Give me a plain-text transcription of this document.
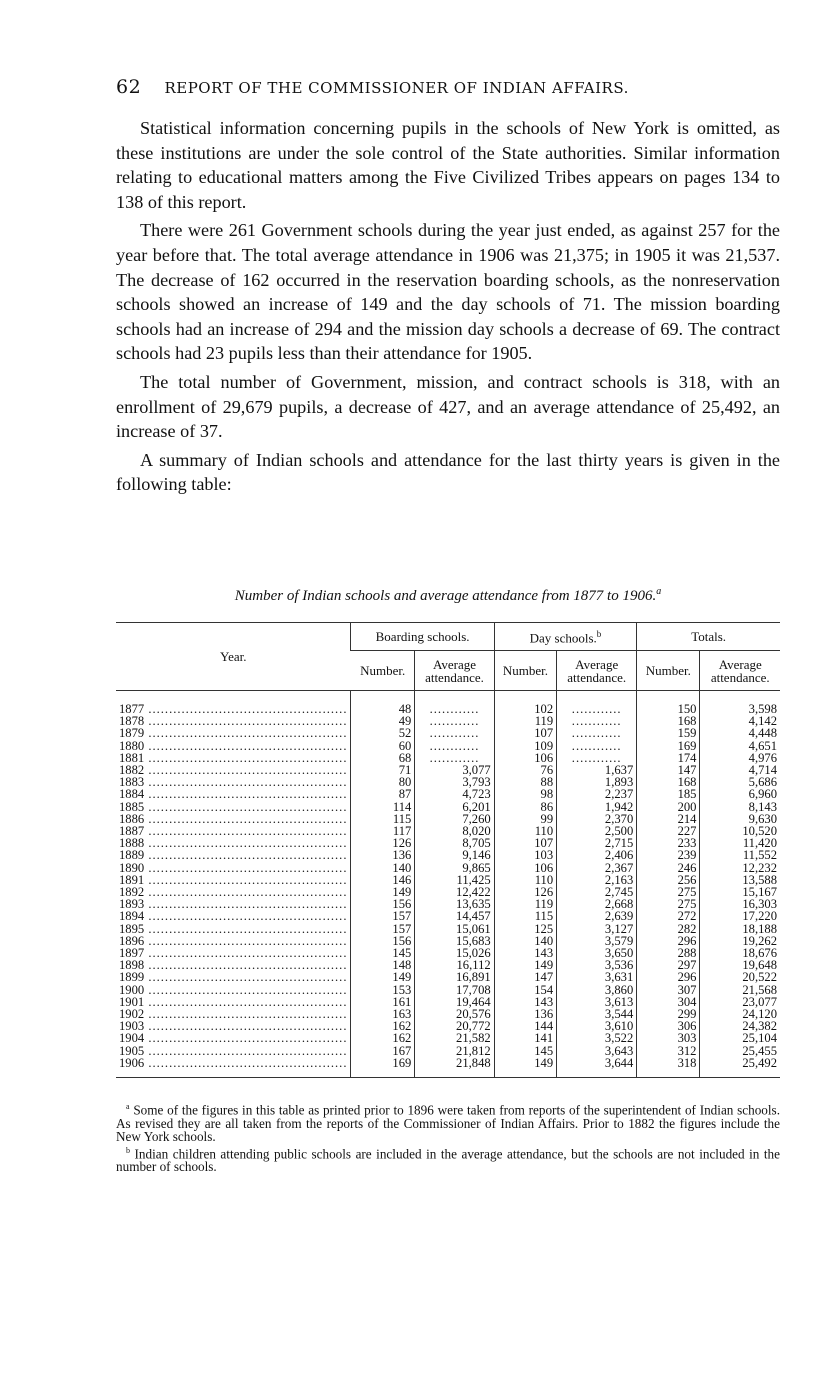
62 REPORT OF THE COMMISSIONER OF INDIAN AFFAIRS.

Statistical information concerning pupils in the schools of New York is omitted, as these institutions are under the sole control of the State authorities. Similar information relating to educational matters among the Five Civilized Tribes appears on pages 134 to 138 of this report.

There were 261 Government schools during the year just ended, as against 257 for the year before that. The total average attendance in 1906 was 21,375; in 1905 it was 21,537. The decrease of 162 occurred in the reservation boarding schools, as the nonreservation schools showed an increase of 149 and the day schools of 71. The mission boarding schools had an increase of 294 and the mission day schools a decrease of 69. The contract schools had 23 pupils less than their attendance for 1905.

The total number of Government, mission, and contract schools is 318, with an enrollment of 29,679 pupils, a decrease of 427, and an average attendance of 25,492, an increase of 37.

A summary of Indian schools and attendance for the last thirty years is given in the following table:

Number of Indian schools and average attendance from 1877 to 1906.$^a$
Year.	Boarding schools.		Day schools.$^b$		Totals.	
	Number.	Average attendance.	Number.	Average attendance.	Number.	Average attendance.
1877 .....	48	............	102	............	150	3,598
1878 .....	49	............	119	............	168	4,142
1879 .....	52	............	107	............	159	4,448
1880 .....	60	............	109	............	169	4,651
1881 .....	68	............	106	............	174	4,976
1882 .....	71	3,077	76	1,637	147	4,714
1883 .....	80	3,793	88	1,893	168	5,686
1884 .....	87	4,723	98	2,237	185	6,960
1885 .....	114	6,201	86	1,942	200	8,143
1886 .....	115	7,260	99	2,370	214	9,630
1887 .....	117	8,020	110	2,500	227	10,520
1888 .....	126	8,705	107	2,715	233	11,420
1889 .....	136	9,146	103	2,406	239	11,552
1890 .....	140	9,865	106	2,367	246	12,232
1891 .....	146	11,425	110	2,163	256	13,588
1892 .....	149	12,422	126	2,745	275	15,167
1893 .....	156	13,635	119	2,668	275	16,303
1894 .....	157	14,457	115	2,639	272	17,220
1895 .....	157	15,061	125	3,127	282	18,188
1896 .....	156	15,683	140	3,579	296	19,262
1897 .....	145	15,026	143	3,650	288	18,676
1898 .....	148	16,112	149	3,536	297	19,648
1899 .....	149	16,891	147	3,631	296	20,522
1900 .....	153	17,708	154	3,860	307	21,568
1901 .....	161	19,464	143	3,613	304	23,077
1902 .....	163	20,576	136	3,544	299	24,120
1903 .....	162	20,772	144	3,610	306	24,382
1904 .....	162	21,582	141	3,522	303	25,104
1905 .....	167	21,812	145	3,643	312	25,455
1906 .....	169	21,848	149	3,644	318	25,492

$^a$ Some of the figures in this table as printed prior to 1896 were taken from reports of the superintendent of Indian schools. As revised they are all taken from the reports of the Commissioner of Indian Affairs. Prior to 1882 the figures include the New York schools.

$^b$ Indian children attending public schools are included in the average attendance, but the schools are not included in the number of schools.
